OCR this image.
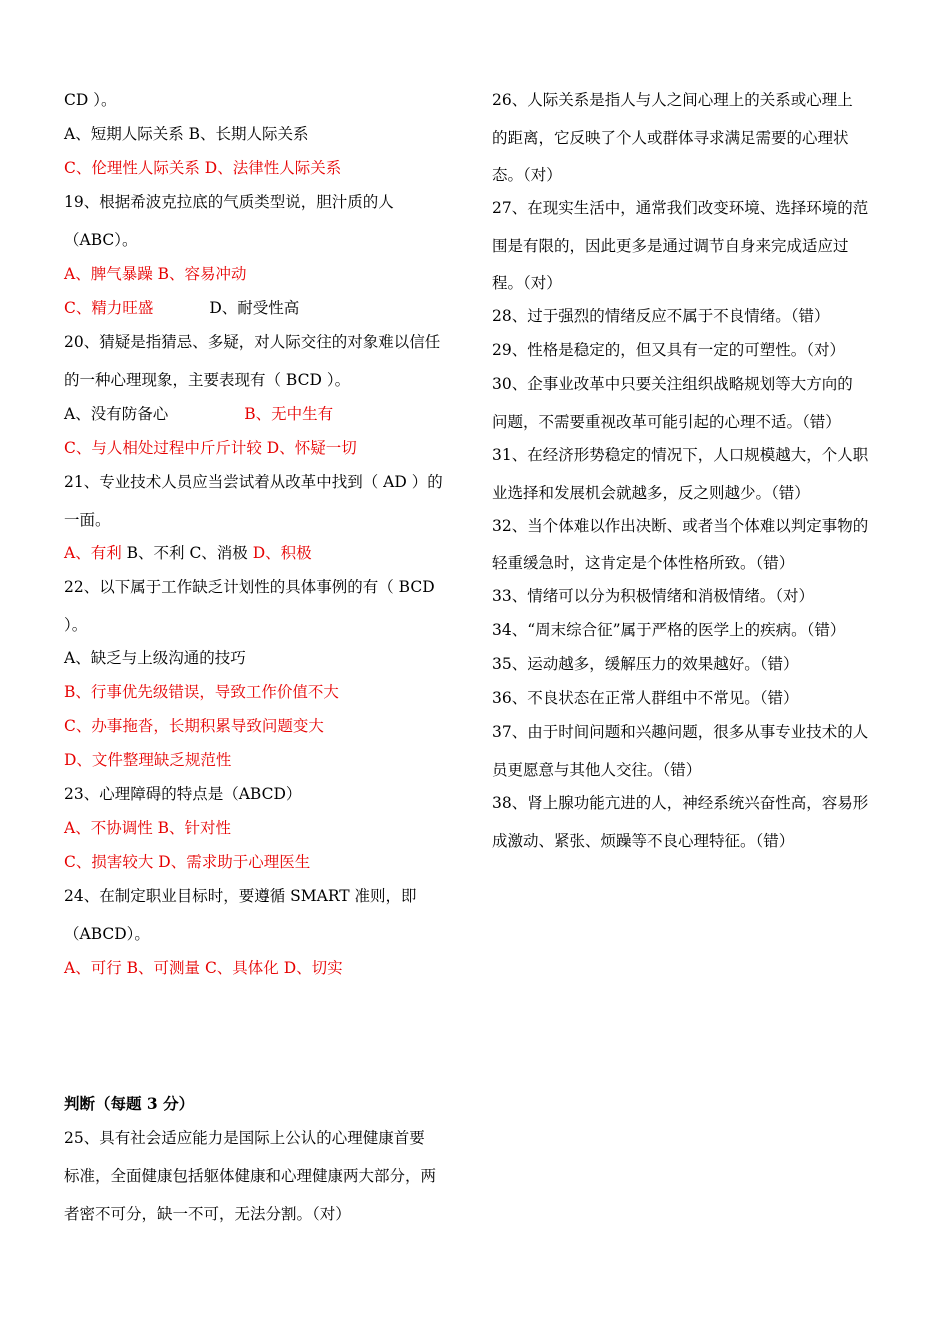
CD ）。
A、短期人际关系 B、长期人际关系
C、伦理性人际关系 D、法律性人际关系
19、根据希波克拉底的气质类型说，胆汁质的人
（ABC）。
A、脾气暴躁 B、容易冲动
C、精力旺盛	D、耐受性高
20、猜疑是指猜忌、多疑，对人际交往的对象难以信任
的一种心理现象，主要表现有（ BCD ）。
A、没有防备心	B、无中生有
C、与人相处过程中斤斤计较 D、怀疑一切
21、专业技术人员应当尝试着从改革中找到（ AD ）的
一面。
A、有利 B、不利 C、消极 D、积极
22、以下属于工作缺乏计划性的具体事例的有（ BCD
）。
A、缺乏与上级沟通的技巧
B、行事优先级错误，导致工作价值不大
C、办事拖沓，长期积累导致问题变大
D、文件整理缺乏规范性
23、心理障碍的特点是（ABCD）
A、不协调性 B、针对性
C、损害较大 D、需求助于心理医生
24、在制定职业目标时，要遵循 SMART 准则，即
（ABCD）。
A、可行 B、可测量 C、具体化 D、切实
判断（每题 3 分）
25、具有社会适应能力是国际上公认的心理健康首要
标准，全面健康包括躯体健康和心理健康两大部分，两
者密不可分，缺一不可，无法分割。（对）
26、人际关系是指人与人之间心理上的关系或心理上
的距离，它反映了个人或群体寻求满足需要的心理状
态。（对）
27、在现实生活中，通常我们改变环境、选择环境的范
围是有限的，因此更多是通过调节自身来完成适应过
程。（对）
28、过于强烈的情绪反应不属于不良情绪。（错）
29、性格是稳定的，但又具有一定的可塑性。（对）
30、企事业改革中只要关注组织战略规划等大方向的
问题，不需要重视改革可能引起的心理不适。（错）
31、在经济形势稳定的情况下，人口规模越大，个人职
业选择和发展机会就越多，反之则越少。（错）
32、当个体难以作出决断、或者当个体难以判定事物的
轻重缓急时，这肯定是个体性格所致。（错）
33、情绪可以分为积极情绪和消极情绪。（对）
34、“周末综合征”属于严格的医学上的疾病。（错）
35、运动越多，缓解压力的效果越好。（错）
36、不良状态在正常人群组中不常见。（错）
37、由于时间问题和兴趣问题，很多从事专业技术的人
员更愿意与其他人交往。（错）
38、肾上腺功能亢进的人，神经系统兴奋性高，容易形
成激动、紧张、烦躁等不良心理特征。（错）
